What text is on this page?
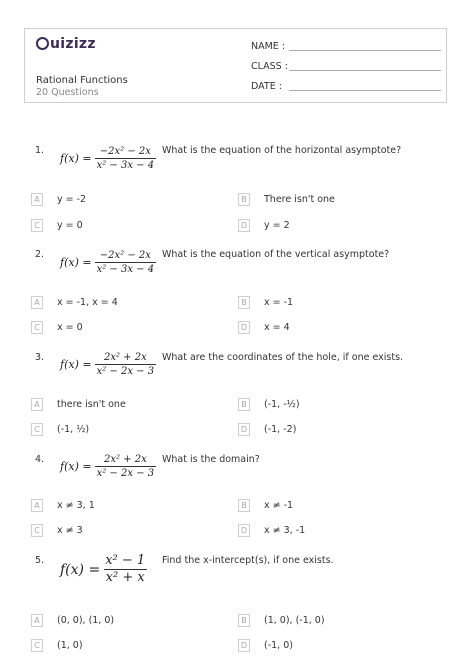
uizizz
Rational Functions
20 Questions
NAME :
CLASS :
DATE :
1.
$f(x) = \frac{\text{−2x² − 2x}}{\text{x² − 3x − 4}}$ What is the equation of the horizontal asymptote?
A	y = -2	B	There isn't one
C	y = 0	D	y = 2
2.
$f(x) = \frac{\text{−2x² − 2x}}{\text{x² − 3x − 4}}$ What is the equation of the vertical asymptote?
A	x = -1, x = 4	B	x = -1
C	x = 0	D	x = 4
3.
$f(x) = \frac{\text{2x² + 2x}}{\text{x² − 2x − 3}}$ What are the coordinates of the hole, if one exists.
A	there isn't one	B	(-1, -½)
C	(-1, ½)	D	(-1, -2)
4.
$f(x) = \frac{\text{2x² + 2x}}{\text{x² − 2x − 3}}$ What is the domain?
A	x ≠ 3, 1	B	x ≠ -1
C	x ≠ 3	D	x ≠ 3, -1
5.
$f(x) = \frac{\text{x² − 1}}{\text{x² + x}}$ Find the x-intercept(s), if one exists.
A	(0, 0), (1, 0)	B	(1, 0), (-1, 0)
C	(1, 0)	D	(-1, 0)
